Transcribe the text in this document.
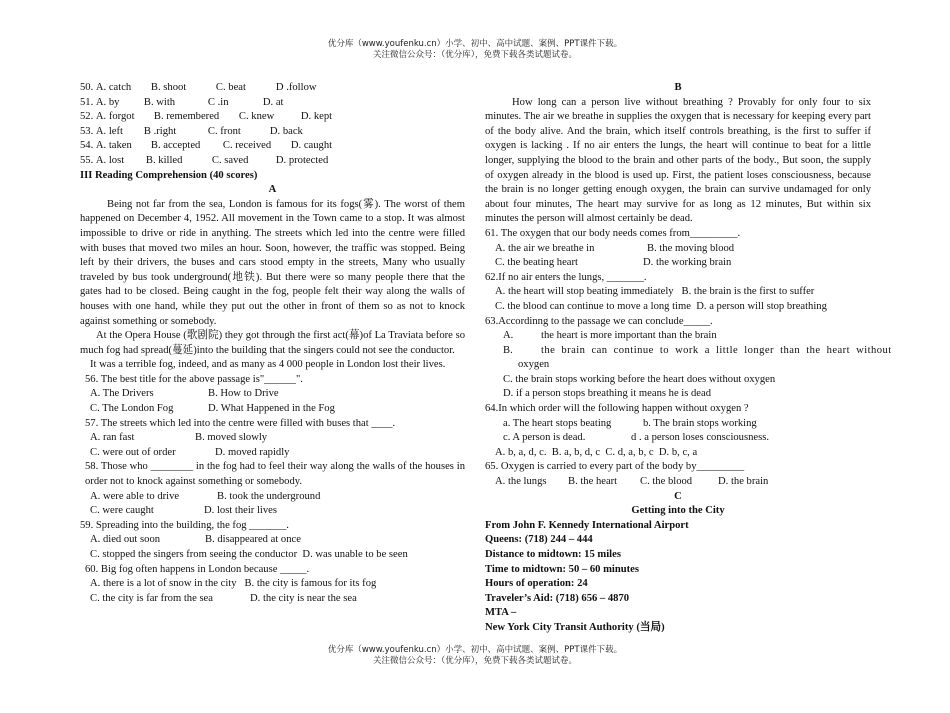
优分库（www.youfenku.cn）小学、初中、高中试题、案例、PPT课件下载。
关注微信公众号：（优分库），免费下载各类试题试卷。
50. A. catch B. shoot	C. beat	D .follow
51. A. by B. with	C .in	D. at
52. A. forgot B. remembered C. knew	D. kept
53. A. left B .right	C. front	D. back
54. A. taken B. accepted C. received D. caught
55. A. lost B. killed	C. saved	D. protected
III Reading Comprehension (40 scores)
A
Being not far from the sea, London is famous for its fogs(雾). The worst of them happened on December 4, 1952. All movement in the Town came to a stop. It was almost impossible to drive or ride in anything. The streets which led into the centre were filled with buses that moved two miles an hour. Soon, however, the traffic was stopped. Being left by their drivers, the buses and cars stood empty in the streets, Many who usually traveled by bus took underground(地铁). But there were so many people there that the gates had to be closed. Being caught in the fog, people felt their way along the walls of houses with one hand, while they put out the other in front of them so as not to knock against something or somebody.
At the Opera House (歌剧院) they got through the first act(幕)of La Traviata before so much fog had spread(蔓延)into the building that the singers could not see the conductor.
It was a terrible fog, indeed, and as many as 4 000 people in London lost their lives.
56. The best title for the above passage is"______".
A. The Drivers	B. How to Drive
C. The London Fog	D. What Happened in the Fog
57. The streets which led into the centre were filled with buses that ____.
A. ran fast	B. moved slowly
C. were out of order	D. moved rapidly
58. Those who ________ in the fog had to feel their way along the walls of the houses in order not to knock against something or somebody.
A. were able to drive	B. took the underground
C. were caught	D. lost their lives
59. Spreading into the building, the fog _______.
A. died out soon	B. disappeared at once
C. stopped the singers from seeing the conductor D. was unable to be seen
60. Big fog often happens in London because _____.
A. there is a lot of snow in the city B. the city is famous for its fog
C. the city is far from the sea	D. the city is near the sea
B
How long can a person live without breathing ? Provably for only four to six minutes. The air we breathe in supplies the oxygen that is necessary for keeping every part of the body alive. And the brain, which itself controls breathing, is the first to suffer if oxygen is lacking . If no air enters the lungs, the heart will continue to beat for a little longer, supplying the blood to the brain and other parts of the body., But soon, the supply of oxygen already in the blood is used up. First, the patient loses consciousness, because the brain is no longer getting enough oxygen, the brain can survive undamaged for only about four minutes, The heart may survive for as long as 12 minutes, But within six minutes the person will almost certainly be dead.
61. The oxygen that our body needs comes from_________.
A. the air we breathe in	B. the moving blood
C. the beating heart	D. the working brain
62.If no air enters the lungs, _______.
A. the heart will stop beating immediately B. the brain is the first to suffer
C. the blood can continue to move a long time D. a person will stop breathing
63.Accordinng to the passage we can conclude_____.
A.	the heart is more important than the brain
B.	the brain can continue to work a little longer than the heart without
oxygen
C. the brain stops working before the heart does without oxygen
D. if a person stops breathing it means he is dead
64.In which order will the following happen without oxygen ?
a. The heart stops beating	b. The brain stops working
c. A person is dead.	d . a person loses consciousness.
A. b, a, d, c. B. a, b, d, c C. d, a, b, c D. b, c, a
65. Oxygen is carried to every part of the body by_________
A. the lungs B. the heart C. the blood D. the brain
C
Getting into the City
From John F. Kennedy International Airport
Queens: (718) 244 – 444
Distance to midtown: 15 miles
Time to midtown: 50 – 60 minutes
Hours of operation: 24
Traveler’s Aid: (718) 656 – 4870
MTA –
New York City Transit Authority (当局)
优分库（www.youfenku.cn）小学、初中、高中试题、案例、PPT课件下载。
关注微信公众号：（优分库），免费下载各类试题试卷。
